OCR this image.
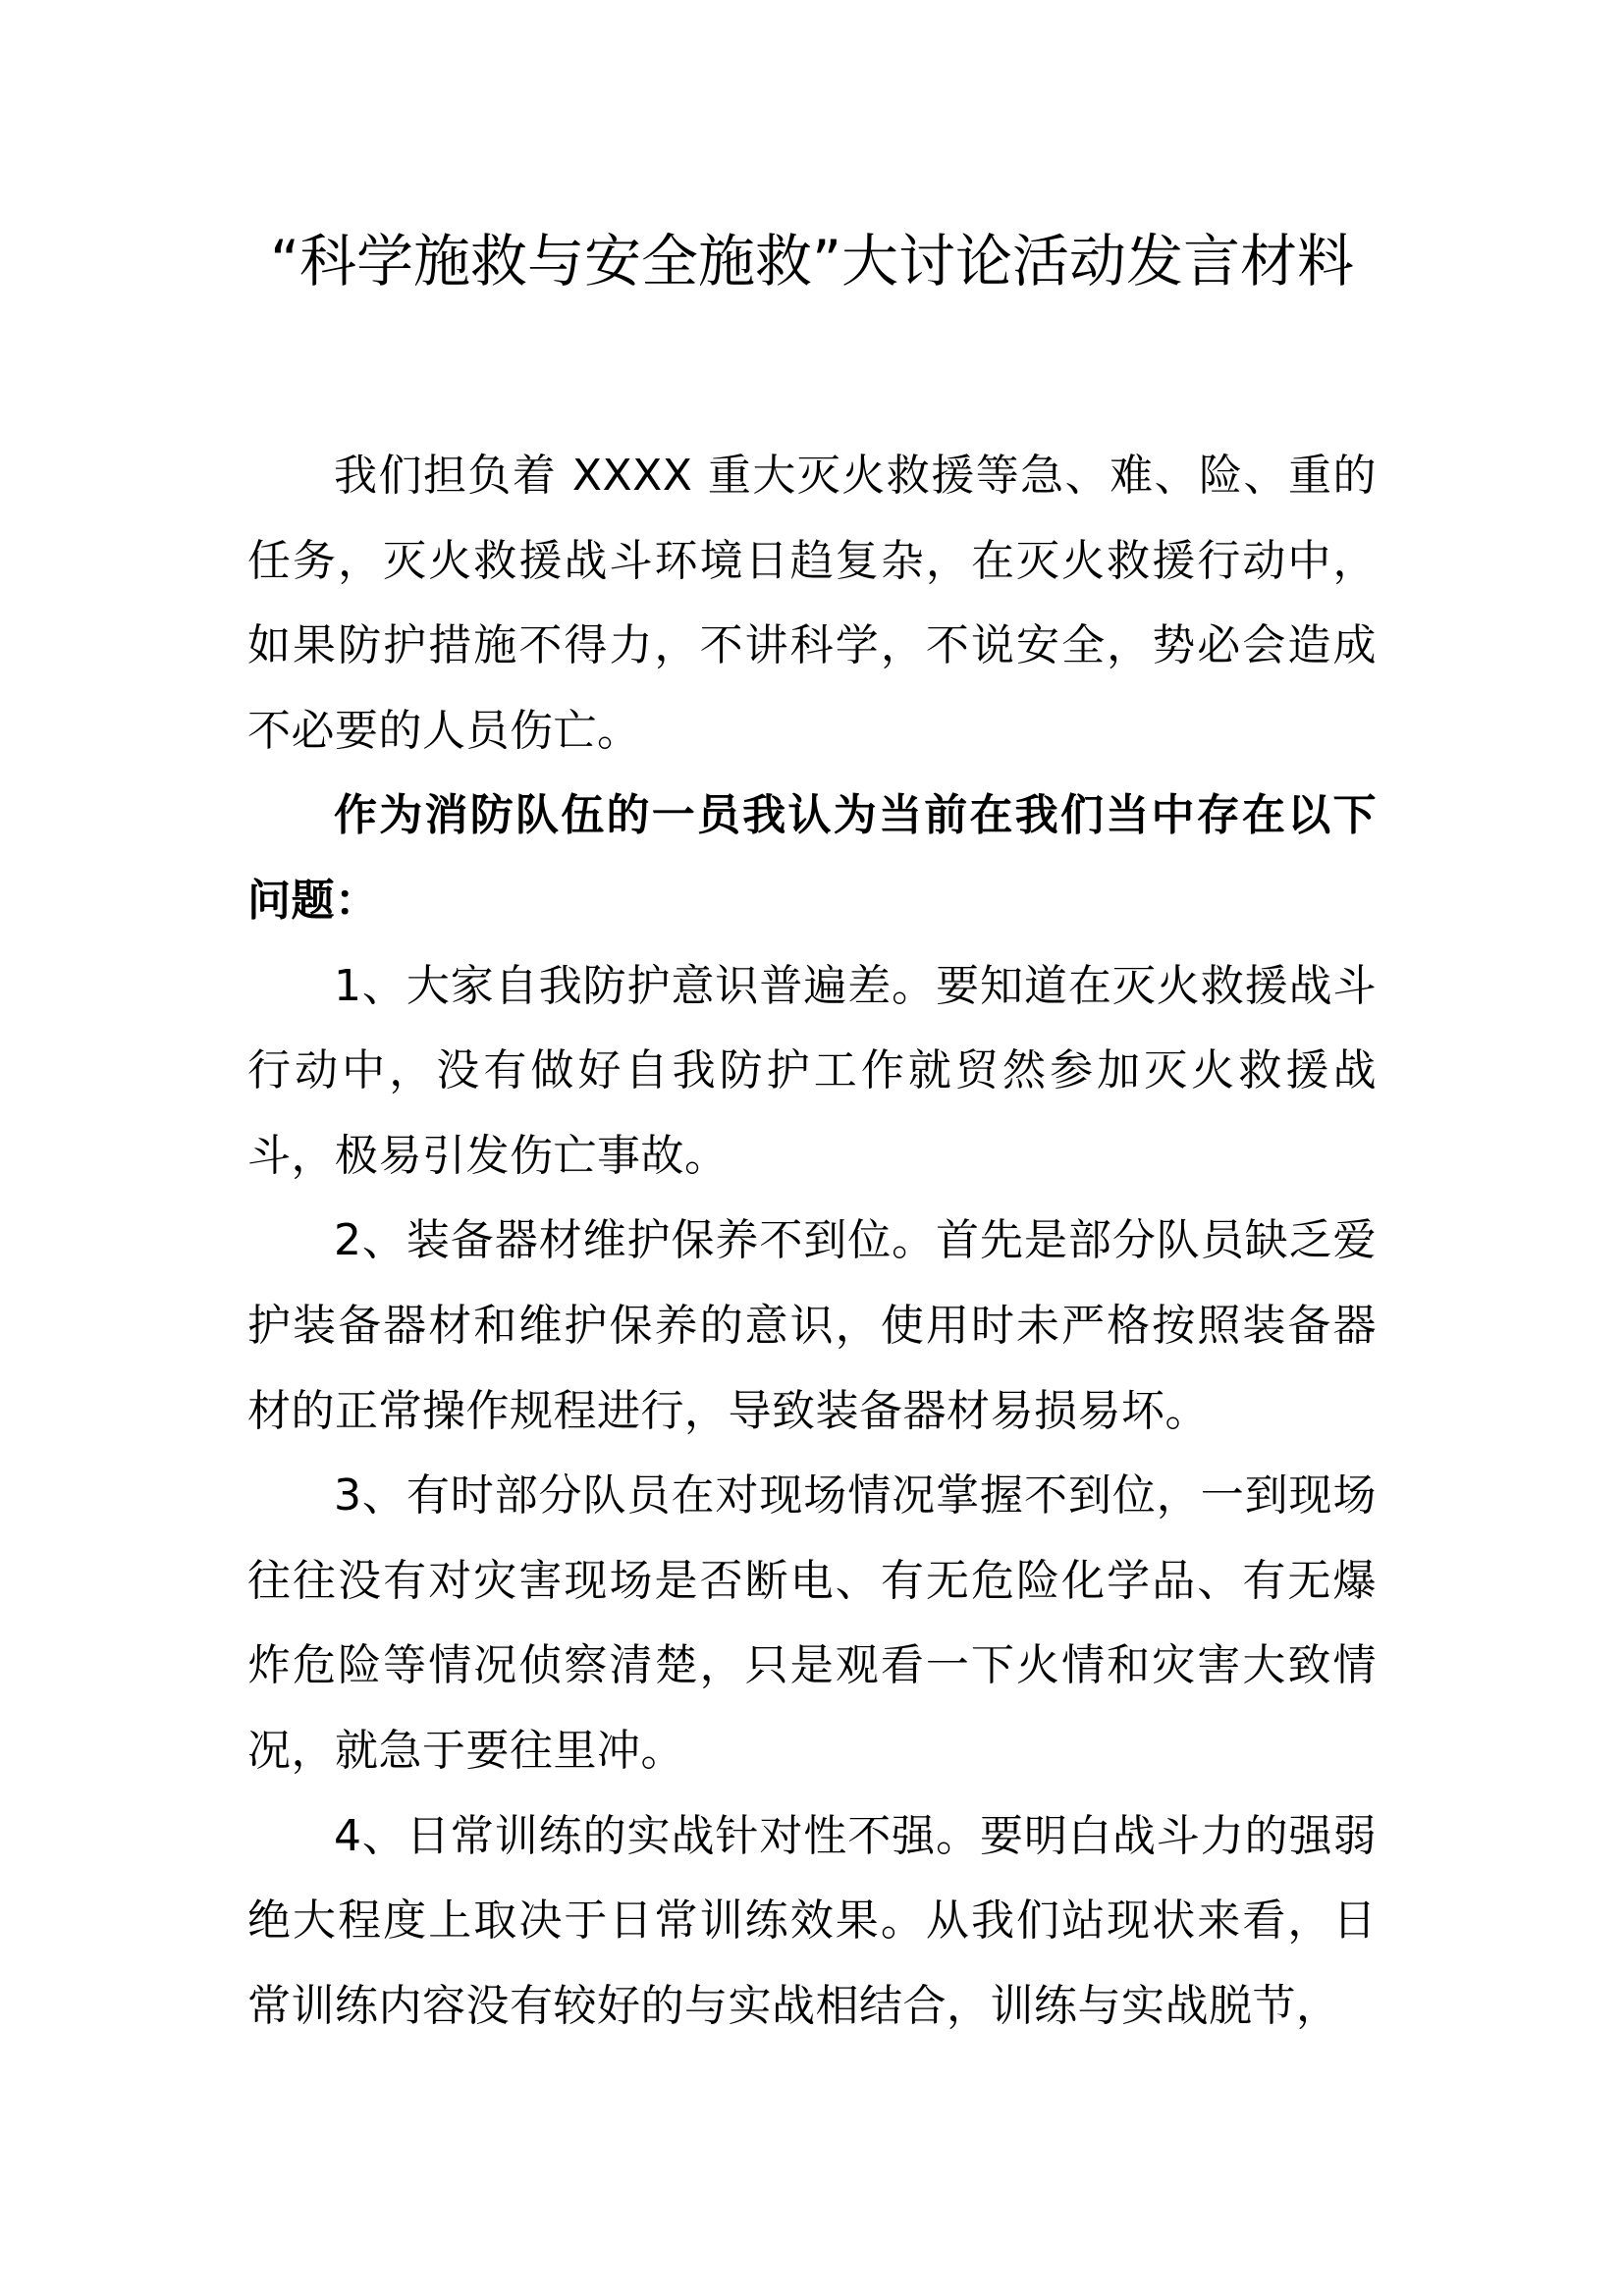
“科学施救与安全施救”大讨论活动发言材料

我们担负着 XXXX 重大灭火救援等急、难、险、重的任务，灭火救援战斗环境日趋复杂，在灭火救援行动中，如果防护措施不得力，不讲科学，不说安全，势必会造成不必要的人员伤亡。

作为消防队伍的一员我认为当前在我们当中存在以下问题：

1、大家自我防护意识普遍差。要知道在灭火救援战斗行动中，没有做好自我防护工作就贸然参加灭火救援战斗，极易引发伤亡事故。

2、装备器材维护保养不到位。首先是部分队员缺乏爱护装备器材和维护保养的意识，使用时未严格按照装备器材的正常操作规程进行，导致装备器材易损易坏。

3、有时部分队员在对现场情况掌握不到位，一到现场往往没有对灾害现场是否断电、有无危险化学品、有无爆炸危险等情况侦察清楚，只是观看一下火情和灾害大致情况，就急于要往里冲。

4、日常训练的实战针对性不强。要明白战斗力的强弱绝大程度上取决于日常训练效果。从我们站现状来看，日常训练内容没有较好的与实战相结合，训练与实战脱节，
